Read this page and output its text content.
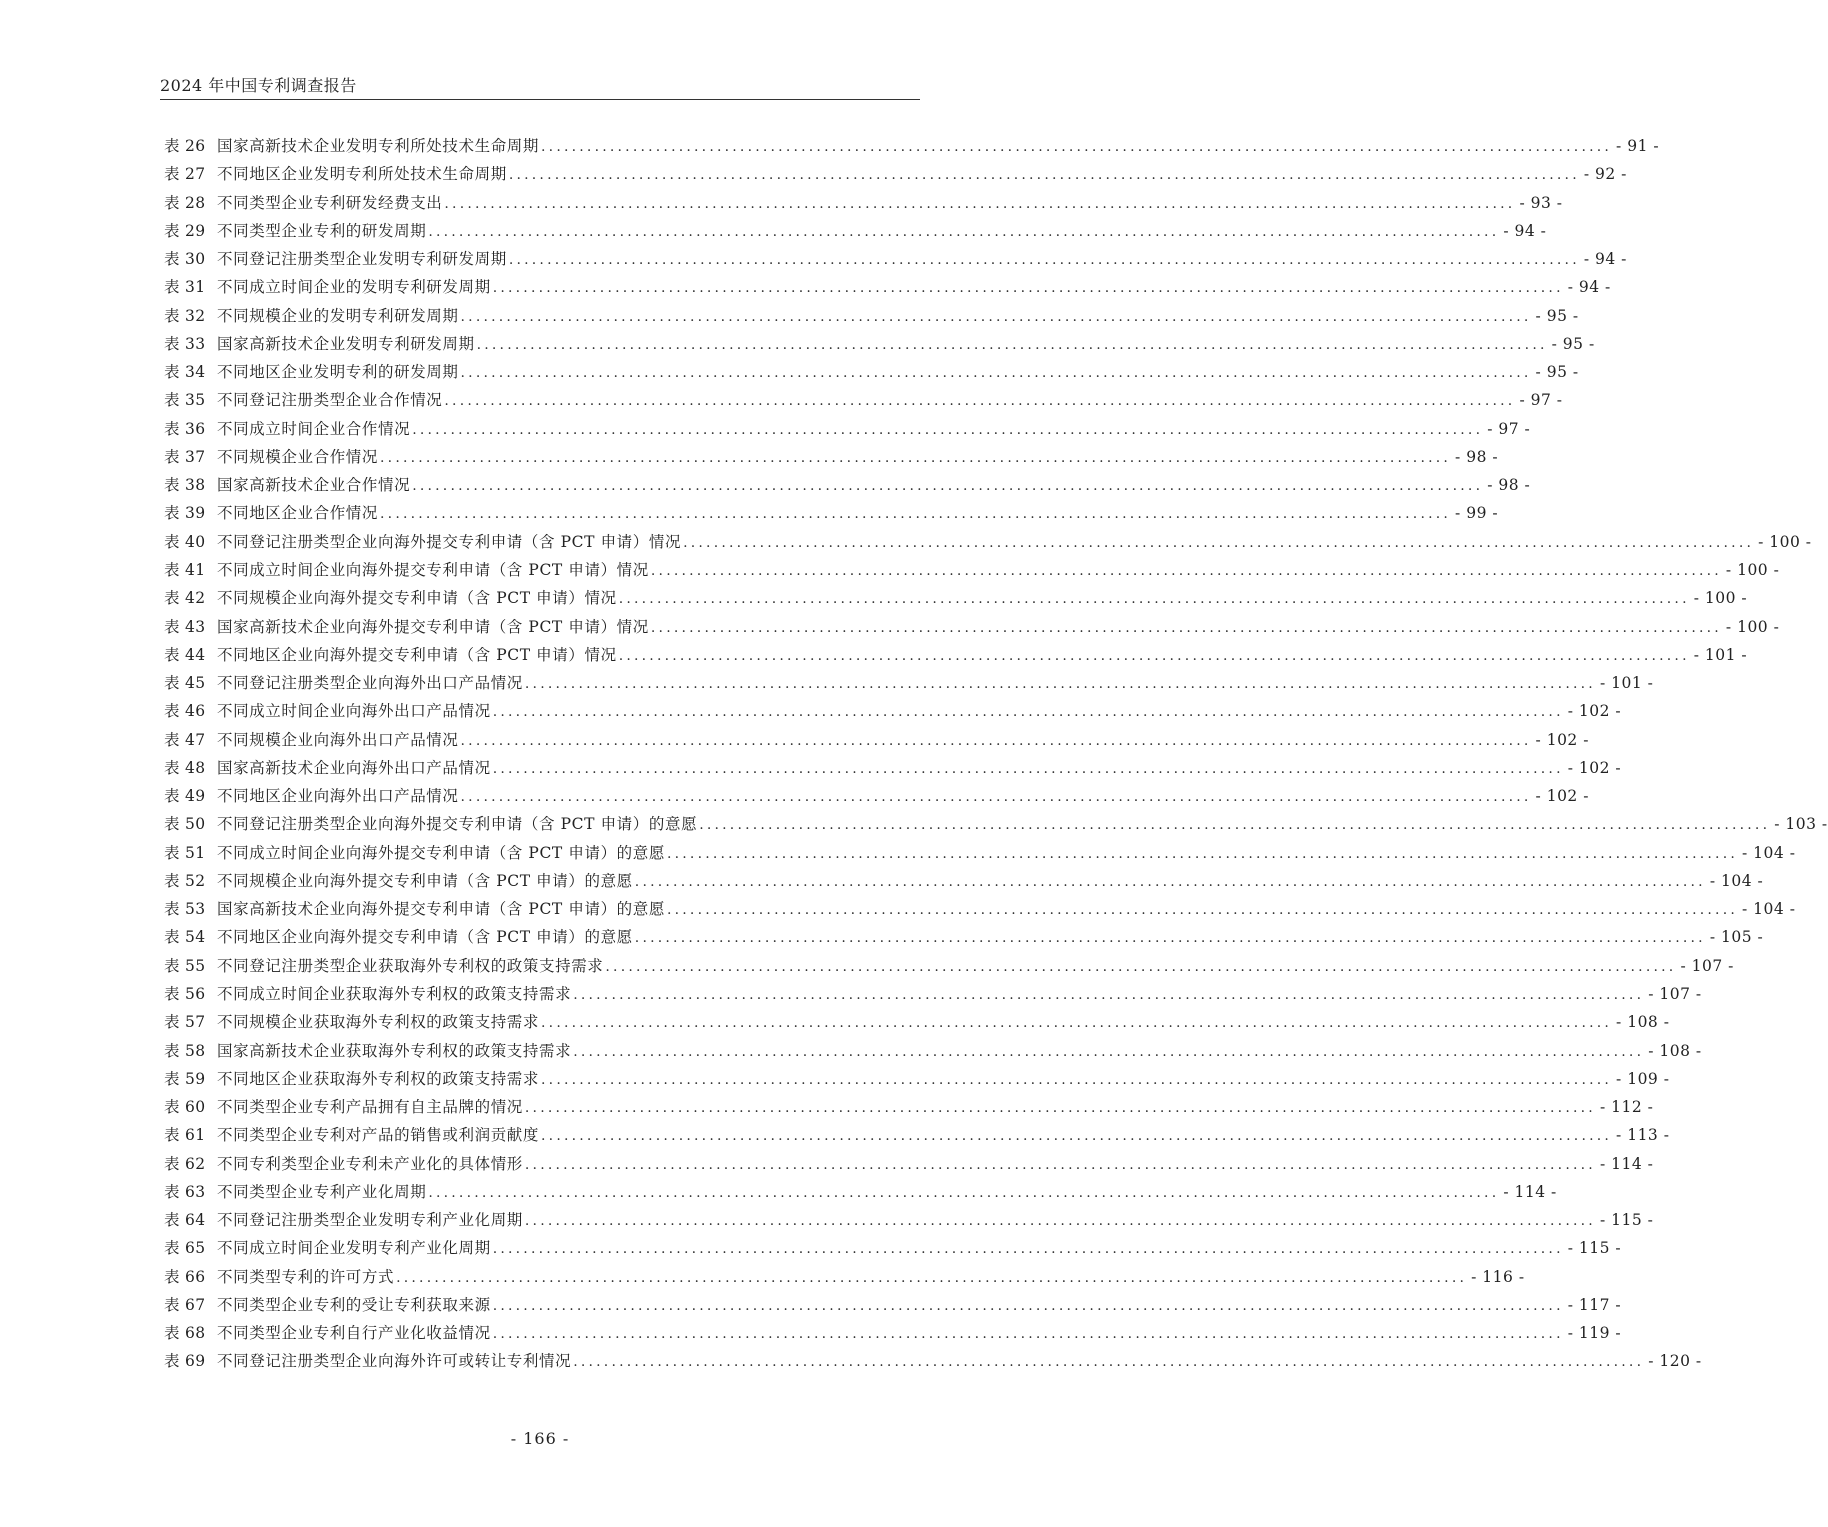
2024 年中国专利调查报告
表 26 国家高新技术企业发明专利所处技术生命周期 ............................................................................................................................................ - 91 -
表 27 不同地区企业发明专利所处技术生命周期 ............................................................................................................................................ - 92 -
表 28 不同类型企业专利研发经费支出 ............................................................................................................................................ - 93 -
表 29 不同类型企业专利的研发周期 ............................................................................................................................................ - 94 -
表 30 不同登记注册类型企业发明专利研发周期 ............................................................................................................................................ - 94 -
表 31 不同成立时间企业的发明专利研发周期 ............................................................................................................................................ - 94 -
表 32 不同规模企业的发明专利研发周期 ............................................................................................................................................ - 95 -
表 33 国家高新技术企业发明专利研发周期 ............................................................................................................................................ - 95 -
表 34 不同地区企业发明专利的研发周期 ............................................................................................................................................ - 95 -
表 35 不同登记注册类型企业合作情况 ............................................................................................................................................ - 97 -
表 36 不同成立时间企业合作情况 ............................................................................................................................................ - 97 -
表 37 不同规模企业合作情况 ............................................................................................................................................ - 98 -
表 38 国家高新技术企业合作情况 ............................................................................................................................................ - 98 -
表 39 不同地区企业合作情况 ............................................................................................................................................ - 99 -
表 40 不同登记注册类型企业向海外提交专利申请（含 PCT 申请）情况 ............................................................................................................................................ - 100 -
表 41 不同成立时间企业向海外提交专利申请（含 PCT 申请）情况 ............................................................................................................................................ - 100 -
表 42 不同规模企业向海外提交专利申请（含 PCT 申请）情况 ............................................................................................................................................ - 100 -
表 43 国家高新技术企业向海外提交专利申请（含 PCT 申请）情况 ............................................................................................................................................ - 100 -
表 44 不同地区企业向海外提交专利申请（含 PCT 申请）情况 ............................................................................................................................................ - 101 -
表 45 不同登记注册类型企业向海外出口产品情况 ............................................................................................................................................ - 101 -
表 46 不同成立时间企业向海外出口产品情况 ............................................................................................................................................ - 102 -
表 47 不同规模企业向海外出口产品情况 ............................................................................................................................................ - 102 -
表 48 国家高新技术企业向海外出口产品情况 ............................................................................................................................................ - 102 -
表 49 不同地区企业向海外出口产品情况 ............................................................................................................................................ - 102 -
表 50 不同登记注册类型企业向海外提交专利申请（含 PCT 申请）的意愿 ............................................................................................................................................ - 103 -
表 51 不同成立时间企业向海外提交专利申请（含 PCT 申请）的意愿 ............................................................................................................................................ - 104 -
表 52 不同规模企业向海外提交专利申请（含 PCT 申请）的意愿 ............................................................................................................................................ - 104 -
表 53 国家高新技术企业向海外提交专利申请（含 PCT 申请）的意愿 ............................................................................................................................................ - 104 -
表 54 不同地区企业向海外提交专利申请（含 PCT 申请）的意愿 ............................................................................................................................................ - 105 -
表 55 不同登记注册类型企业获取海外专利权的政策支持需求 ............................................................................................................................................ - 107 -
表 56 不同成立时间企业获取海外专利权的政策支持需求 ............................................................................................................................................ - 107 -
表 57 不同规模企业获取海外专利权的政策支持需求 ............................................................................................................................................ - 108 -
表 58 国家高新技术企业获取海外专利权的政策支持需求 ............................................................................................................................................ - 108 -
表 59 不同地区企业获取海外专利权的政策支持需求 ............................................................................................................................................ - 109 -
表 60 不同类型企业专利产品拥有自主品牌的情况 ............................................................................................................................................ - 112 -
表 61 不同类型企业专利对产品的销售或利润贡献度 ............................................................................................................................................ - 113 -
表 62 不同专利类型企业专利未产业化的具体情形 ............................................................................................................................................ - 114 -
表 63 不同类型企业专利产业化周期 ............................................................................................................................................ - 114 -
表 64 不同登记注册类型企业发明专利产业化周期 ............................................................................................................................................ - 115 -
表 65 不同成立时间企业发明专利产业化周期 ............................................................................................................................................ - 115 -
表 66 不同类型专利的许可方式 ............................................................................................................................................ - 116 -
表 67 不同类型企业专利的受让专利获取来源 ............................................................................................................................................ - 117 -
表 68 不同类型企业专利自行产业化收益情况 ............................................................................................................................................ - 119 -
表 69 不同登记注册类型企业向海外许可或转让专利情况 ............................................................................................................................................ - 120 -
- 166 -
